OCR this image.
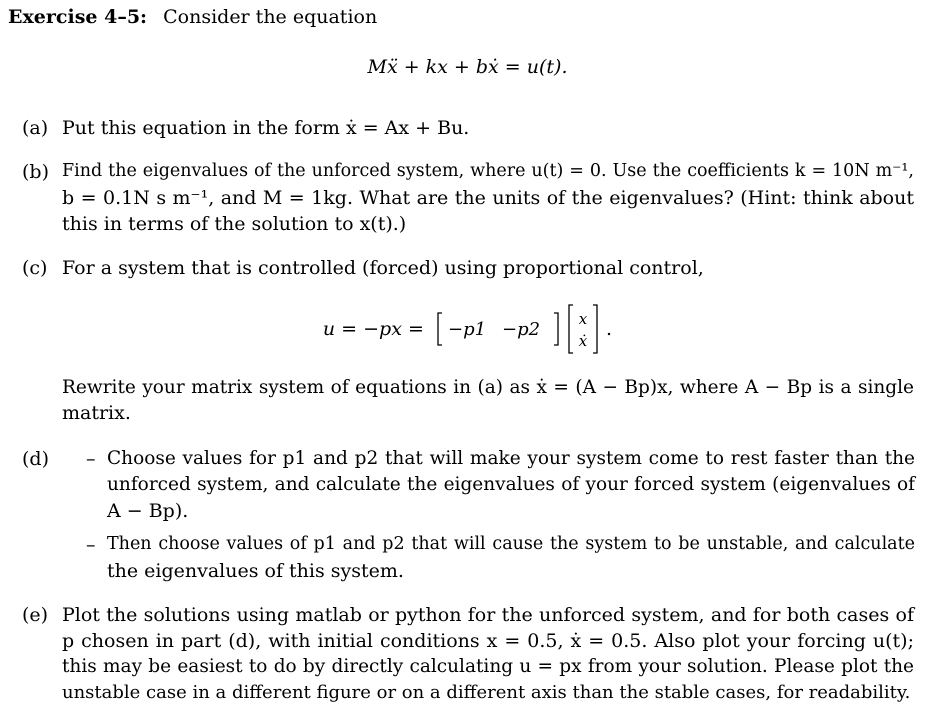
Exercise 4–5: Consider the equation
Mẍ + kx + bẋ = u(t).
(a) Put this equation in the form ẋ = Ax + Bu.
(b) Find the eigenvalues of the unforced system, where u(t) = 0. Use the coefficients k = 10N m⁻¹,
b = 0.1N s m⁻¹, and M = 1kg. What are the units of the eigenvalues? (Hint: think about
this in terms of the solution to x(t).)
(c) For a system that is controlled (forced) using proportional control,
u = −px = −p1 −p2
	x
ẋ
.
Rewrite your matrix system of equations in (a) as ẋ = (A − Bp)x, where A − Bp is a single
matrix.
(d) – Choose values for p1 and p2 that will make your system come to rest faster than the
unforced system, and calculate the eigenvalues of your forced system (eigenvalues of
A − Bp).
– Then choose values of p1 and p2 that will cause the system to be unstable, and calculate
the eigenvalues of this system.
(e) Plot the solutions using matlab or python for the unforced system, and for both cases of
p chosen in part (d), with initial conditions x = 0.5, ẋ = 0.5. Also plot your forcing u(t);
this may be easiest to do by directly calculating u = px from your solution. Please plot the
unstable case in a different figure or on a different axis than the stable cases, for readability.
